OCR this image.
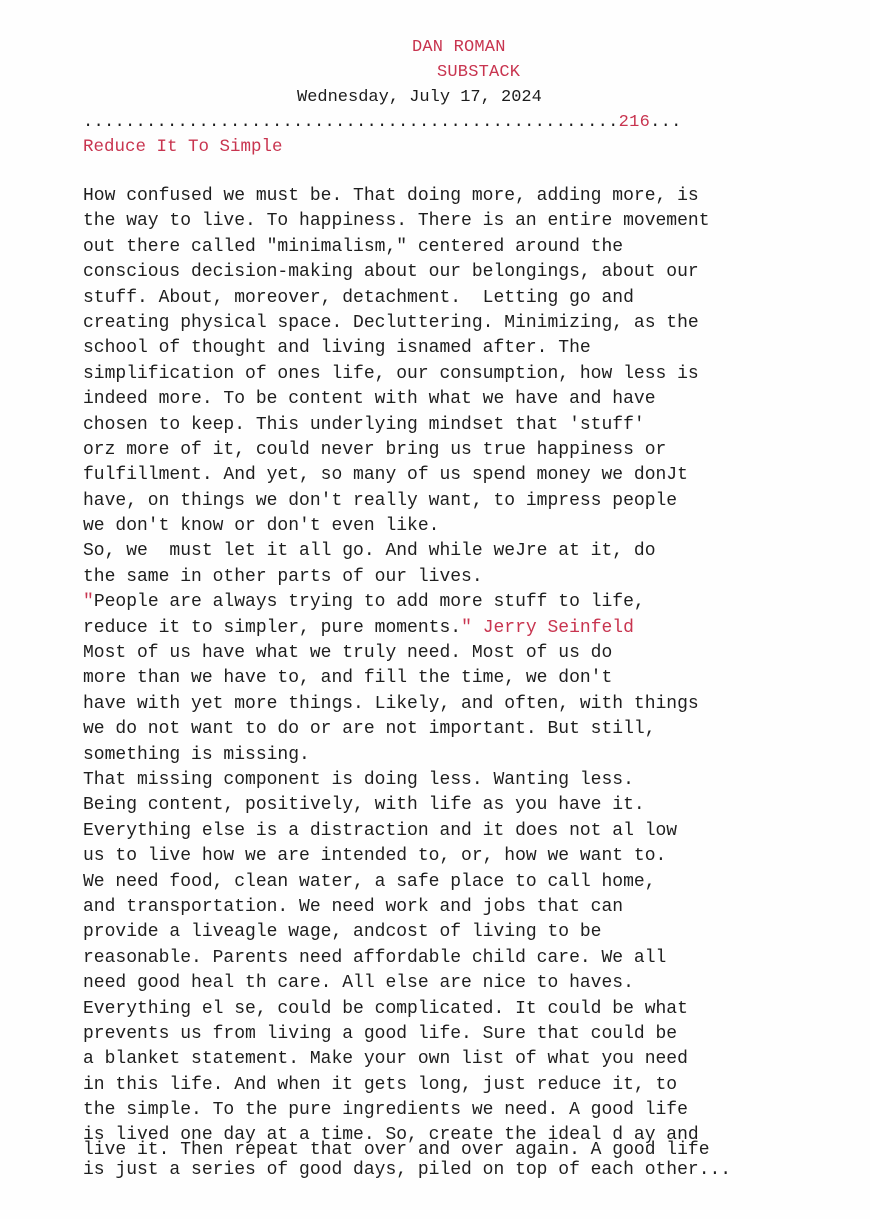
DAN ROMAN
SUBSTACK
Wednesday, July 17, 2024
...................................................216...
Reduce It To Simple
How confused we must be. That doing more, adding more, is
the way to live. To happiness. There is an entire movement
out there called "minimalism," centered around the
conscious decision-making about our belongings, about our
stuff. About, moreover, detachment.  Letting go and
creating physical space. Decluttering. Minimizing, as the
school of thought and living isnamed after. The
simplification of ones life, our consumption, how less is
indeed more. To be content with what we have and have
chosen to keep. This underlying mindset that 'stuff'
orz more of it, could never bring us true happiness or
fulfillment. And yet, so many of us spend money we donJt
have, on things we don't really want, to impress people
we don't know or don't even like.
So, we  must let it all go. And while weJre at it, do
the same in other parts of our lives.
"People are always trying to add more stuff to life,
reduce it to simpler, pure moments." Jerry Seinfeld
Most of us have what we truly need. Most of us do
more than we have to, and fill the time, we don't
have with yet more things. Likely, and often, with things
we do not want to do or are not important. But still,
something is missing.
That missing component is doing less. Wanting less.
Being content, positively, with life as you have it.
Everything else is a distraction and it does not al low
us to live how we are intended to, or, how we want to.
We need food, clean water, a safe place to call home,
and transportation. We need work and jobs that can
provide a liveagle wage, andcost of living to be
reasonable. Parents need affordable child care. We all
need good heal th care. All else are nice to haves.
Everything el se, could be complicated. It could be what
prevents us from living a good life. Sure that could be
a blanket statement. Make your own list of what you need
in this life. And when it gets long, just reduce it, to
the simple. To the pure ingredients we need. A good life
is lived one day at a time. So, create the ideal d ay and
live it. Then repeat that over and over again. A good life
is just a series of good days, piled on top of each other...
